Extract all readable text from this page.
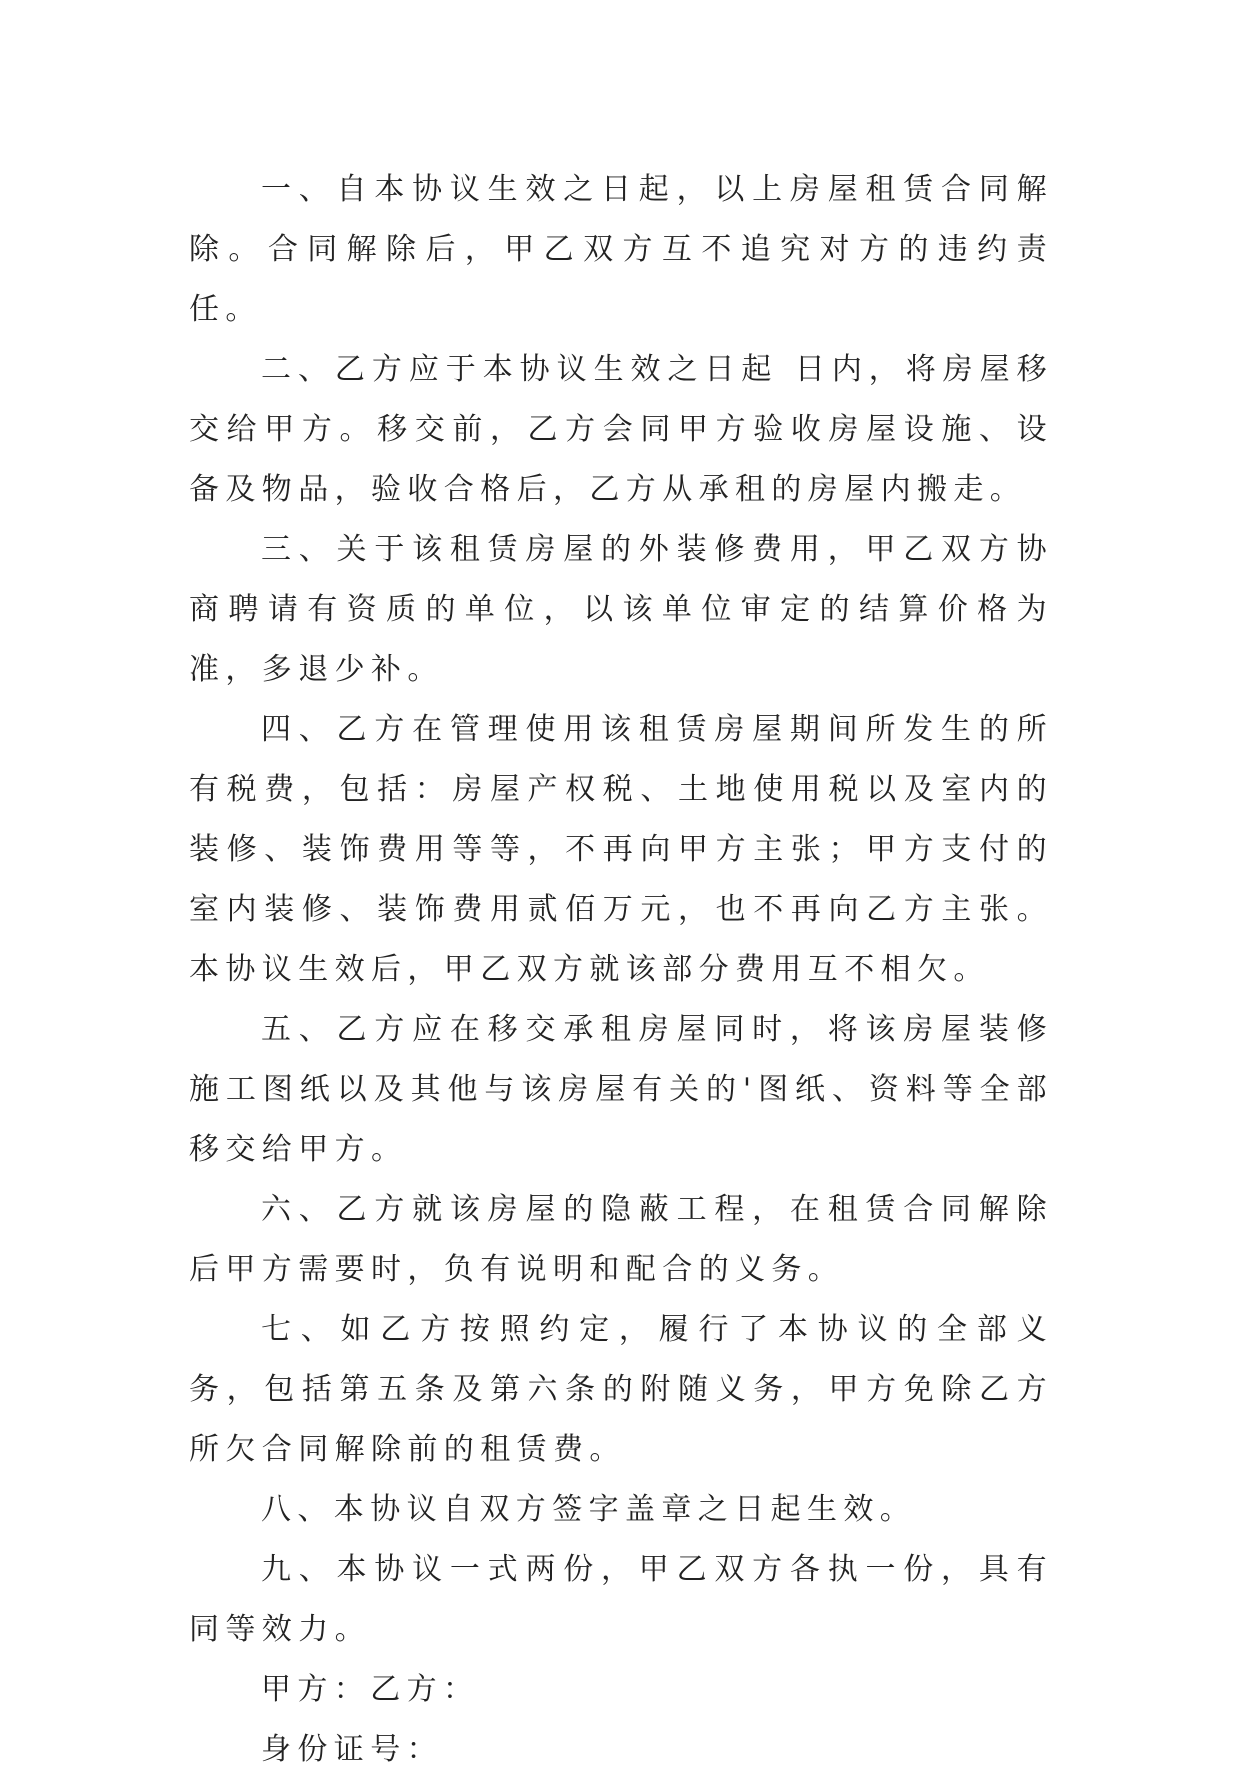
一、自本协议生效之日起，以上房屋租赁合同解除。合同解除后，甲乙双方互不追究对方的违约责任。

二、乙方应于本协议生效之日起 日内，将房屋移交给甲方。移交前，乙方会同甲方验收房屋设施、设备及物品，验收合格后，乙方从承租的房屋内搬走。

三、关于该租赁房屋的外装修费用，甲乙双方协商聘请有资质的单位，以该单位审定的结算价格为准，多退少补。

四、乙方在管理使用该租赁房屋期间所发生的所有税费，包括：房屋产权税、土地使用税以及室内的装修、装饰费用等等，不再向甲方主张；甲方支付的室内装修、装饰费用贰佰万元，也不再向乙方主张。本协议生效后，甲乙双方就该部分费用互不相欠。

五、乙方应在移交承租房屋同时，将该房屋装修施工图纸以及其他与该房屋有关的'图纸、资料等全部移交给甲方。

六、乙方就该房屋的隐蔽工程，在租赁合同解除后甲方需要时，负有说明和配合的义务。

七、如乙方按照约定，履行了本协议的全部义务，包括第五条及第六条的附随义务，甲方免除乙方所欠合同解除前的租赁费。

八、本协议自双方签字盖章之日起生效。

九、本协议一式两份，甲乙双方各执一份，具有同等效力。

甲方：乙方：

身份证号：
